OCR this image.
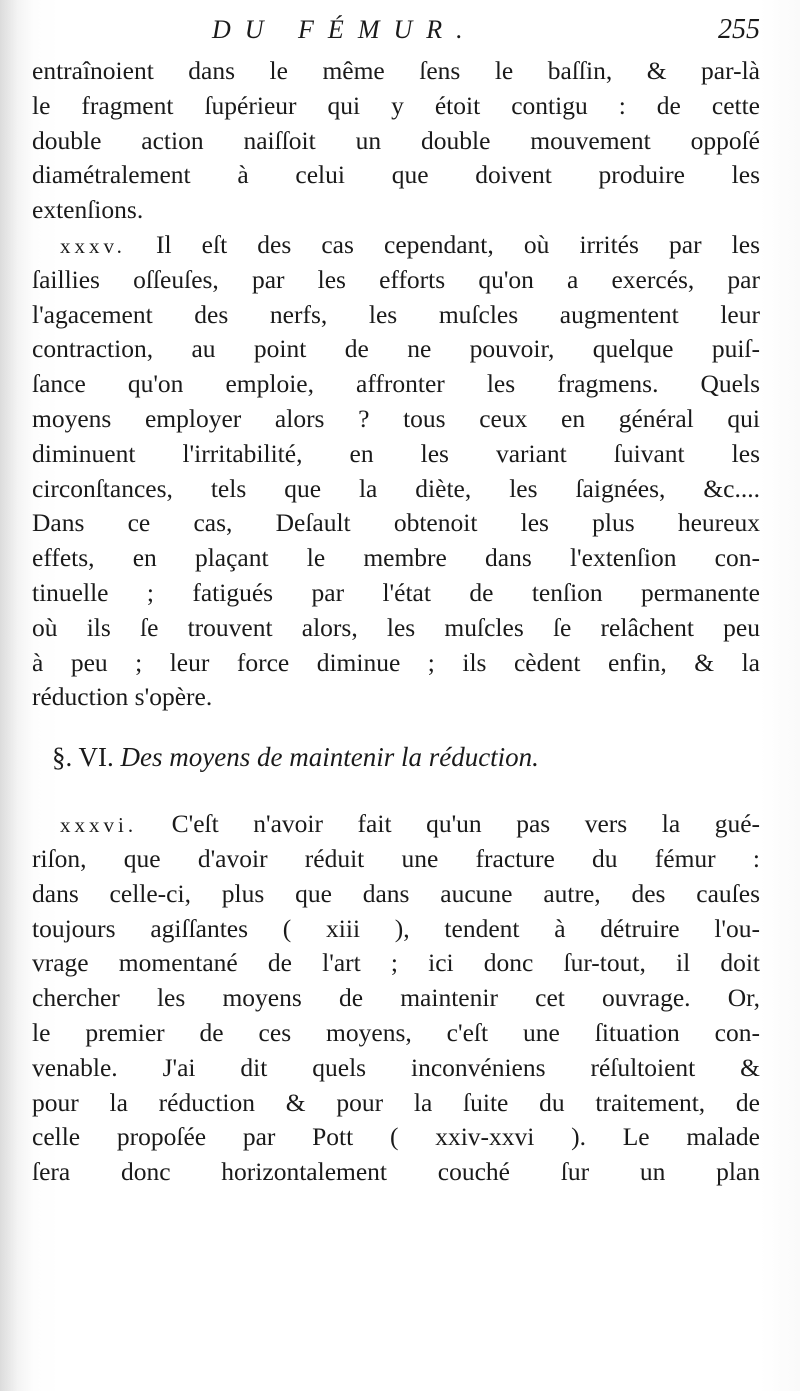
DU FÉMUR.	255

entraînoient dans le même ſens le baſſin, & par-là
le fragment ſupérieur qui y étoit contigu : de cette
double action naiſſoit un double mouvement oppoſé
diamétralement à celui que doivent produire les
extenſions.

xxxv. Il eſt des cas cependant, où irrités par les
ſaillies oſſeuſes, par les efforts qu'on a exercés, par
l'agacement des nerfs, les muſcles augmentent leur
contraction, au point de ne pouvoir, quelque puiſ-
ſance qu'on emploie, affronter les fragmens. Quels
moyens employer alors ? tous ceux en général qui
diminuent l'irritabilité, en les variant ſuivant les
circonſtances, tels que la diète, les ſaignées, &c....
Dans ce cas, Deſault obtenoit les plus heureux
effets, en plaçant le membre dans l'extenſion con-
tinuelle ; fatigués par l'état de tenſion permanente
où ils ſe trouvent alors, les muſcles ſe relâchent peu
à peu ; leur force diminue ; ils cèdent enfin, & la
réduction s'opère.

§. VI. Des moyens de maintenir la réduction.

xxxvi. C'eſt n'avoir fait qu'un pas vers la gué-
riſon, que d'avoir réduit une fracture du fémur :
dans celle-ci, plus que dans aucune autre, des cauſes
toujours agiſſantes ( xiii ), tendent à détruire l'ou-
vrage momentané de l'art ; ici donc ſur-tout, il doit
chercher les moyens de maintenir cet ouvrage. Or,
le premier de ces moyens, c'eſt une ſituation con-
venable. J'ai dit quels inconvéniens réſultoient &
pour la réduction & pour la ſuite du traitement, de
celle propoſée par Pott ( xxiv-xxvi ). Le malade
ſera donc horizontalement couché ſur un plan
